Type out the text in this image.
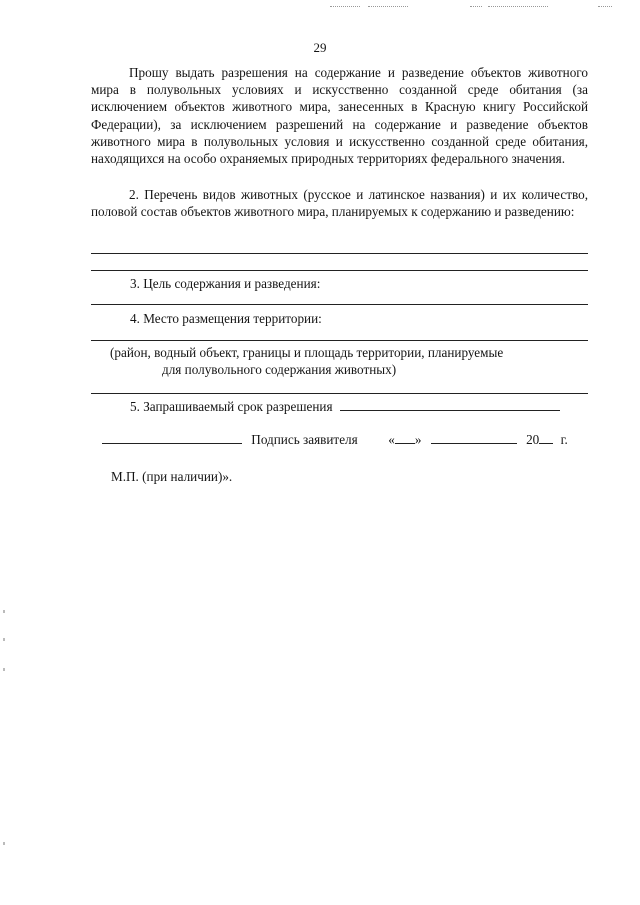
29
Прошу выдать разрешения на содержание и разведение объектов животного мира в полувольных условиях и искусственно созданной среде обитания (за исключением объектов животного мира, занесенных в Красную книгу Российской Федерации), за исключением разрешений на содержание и разведение объектов животного мира в полувольных условия и искусственно созданной среде обитания, находящихся на особо охраняемых природных территориях федерального значения.
2. Перечень видов животных (русское и латинское названия) и их количество, половой состав объектов животного мира, планируемых к содержанию и разведению:
3. Цель содержания и разведения:
4. Место размещения территории:
(район, водный объект, границы и площадь территории, планируемые
для полувольного содержания животных)
5. Запрашиваемый срок разрешения
Подпись заявителя « »	20 г.
М.П. (при наличии)».
